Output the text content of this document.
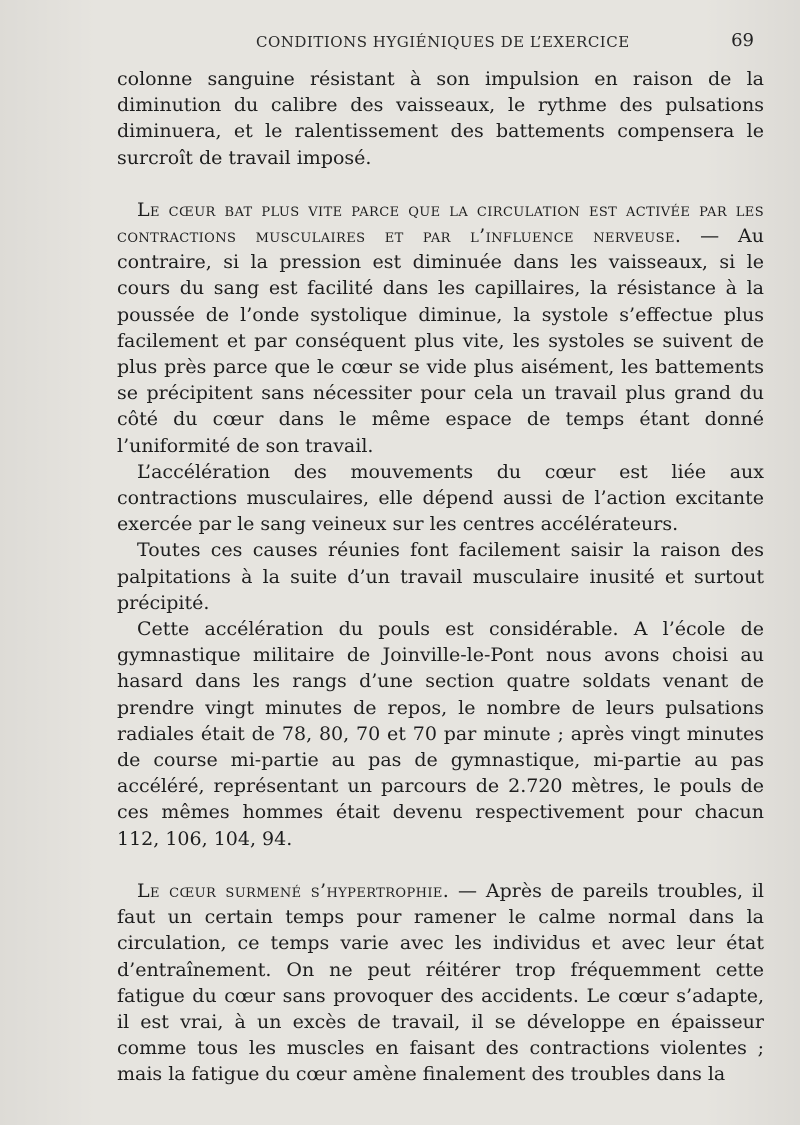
CONDITIONS HYGIÉNIQUES DE L’EXERCICE	69

colonne sanguine résistant à son impulsion en raison de la diminution du calibre des vaisseaux, le rythme des pulsations diminuera, et le ralentissement des battements compensera le surcroît de travail imposé.

Le cœur bat plus vite parce que la circulation est activée par les contractions musculaires et par l’influence nerveuse. — Au contraire, si la pression est diminuée dans les vaisseaux, si le cours du sang est facilité dans les capillaires, la résistance à la poussée de l’onde systolique diminue, la systole s’effectue plus facilement et par conséquent plus vite, les systoles se suivent de plus près parce que le cœur se vide plus aisément, les battements se précipitent sans nécessiter pour cela un travail plus grand du côté du cœur dans le même espace de temps étant donné l’uniformité de son travail.

L’accélération des mouvements du cœur est liée aux contractions musculaires, elle dépend aussi de l’action excitante exercée par le sang veineux sur les centres accélérateurs.

Toutes ces causes réunies font facilement saisir la raison des palpitations à la suite d’un travail musculaire inusité et surtout précipité.

Cette accélération du pouls est considérable. A l’école de gymnastique militaire de Joinville-le-Pont nous avons choisi au hasard dans les rangs d’une section quatre soldats venant de prendre vingt minutes de repos, le nombre de leurs pulsations radiales était de 78, 80, 70 et 70 par minute ; après vingt minutes de course mi-partie au pas de gymnastique, mi-partie au pas accéléré, représentant un parcours de 2.720 mètres, le pouls de ces mêmes hommes était devenu respectivement pour chacun 112, 106, 104, 94.

Le cœur surmené s’hypertrophie. — Après de pareils troubles, il faut un certain temps pour ramener le calme normal dans la circulation, ce temps varie avec les individus et avec leur état d’entraînement. On ne peut réitérer trop fréquemment cette fatigue du cœur sans provoquer des accidents. Le cœur s’adapte, il est vrai, à un excès de travail, il se développe en épaisseur comme tous les muscles en faisant des contractions violentes ; mais la fatigue du cœur amène finalement des troubles dans la
